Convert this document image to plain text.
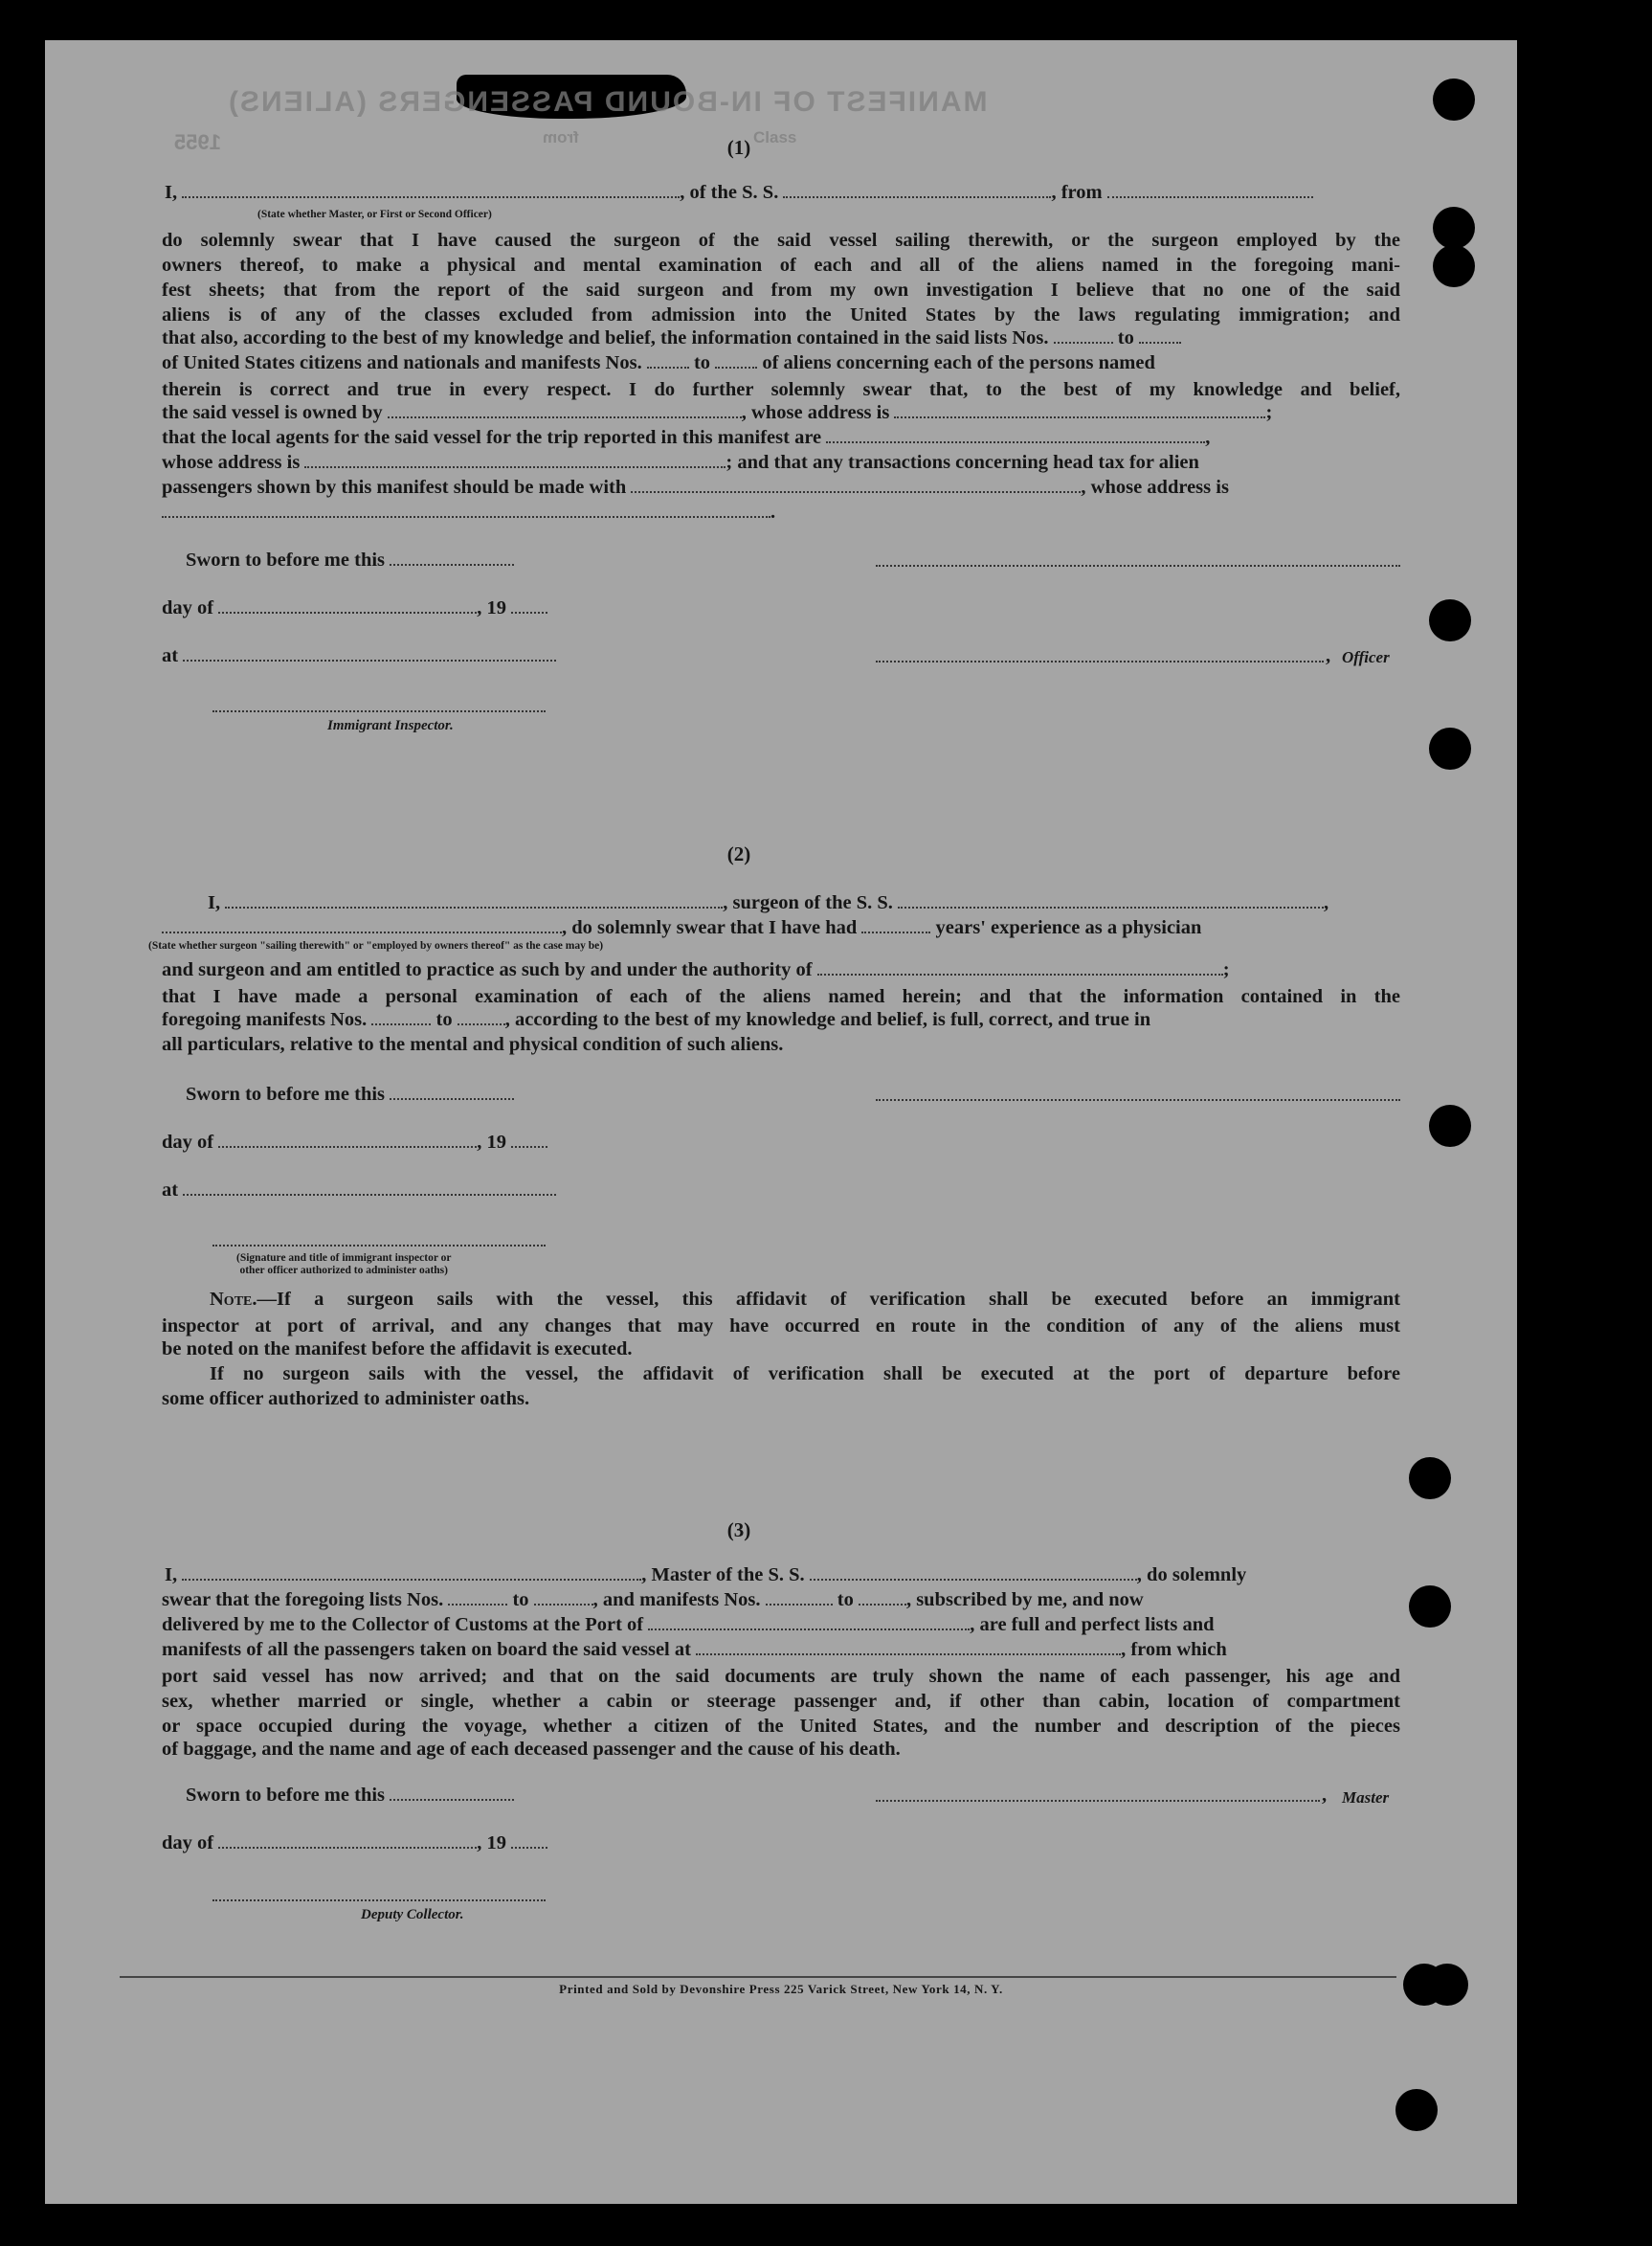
MANIFEST OF IN-BOUND PASSENGERS (ALIENS)
Class
from
1955	(1)
I,	, of the S. S.	, from
(State whether Master, or First or Second Officer)
do solemnly swear that I have caused the surgeon of the said vessel sailing therewith, or the surgeon employed by the
owners thereof, to make a physical and mental examination of each and all of the aliens named in the foregoing mani-
fest sheets; that from the report of the said surgeon and from my own investigation I believe that no one of the said
aliens is of any of the classes excluded from admission into the United States by the laws regulating immigration; and
that also, according to the best of my knowledge and belief, the information contained in the said lists Nos.	to
of United States citizens and nationals and manifests Nos.	to	of aliens concerning each of the persons named
therein is correct and true in every respect. I do further solemnly swear that, to the best of my knowledge and belief,
the said vessel is owned by	, whose address is	;
that the local agents for the said vessel for the trip reported in this manifest are	,
whose address is	; and that any transactions concerning head tax for alien
passengers shown by this manifest should be made with	, whose address is
.
Sworn to before me this
day of	, 19
at	, Officer
Immigrant Inspector.
(2)
I,	, surgeon of the S. S.	,
, do solemnly swear that I have had	years' experience as a physician
(State whether surgeon "sailing therewith" or "employed by owners thereof" as the case may be)
and surgeon and am entitled to practice as such by and under the authority of	;
that I have made a personal examination of each of the aliens named herein; and that the information contained in the
foregoing manifests Nos.	to	, according to the best of my knowledge and belief, is full, correct, and true in
all particulars, relative to the mental and physical condition of such aliens.
Sworn to before me this
day of	, 19
at
(Signature and title of immigrant inspector or
other officer authorized to administer oaths)
Note.—If a surgeon sails with the vessel, this affidavit of verification shall be executed before an immigrant
inspector at port of arrival, and any changes that may have occurred en route in the condition of any of the aliens must
be noted on the manifest before the affidavit is executed.
If no surgeon sails with the vessel, the affidavit of verification shall be executed at the port of departure before
some officer authorized to administer oaths.
(3)
I,	, Master of the S. S.	, do solemnly
swear that the foregoing lists Nos.	to	, and manifests Nos.	to	, subscribed by me, and now
delivered by me to the Collector of Customs at the Port of	, are full and perfect lists and
manifests of all the passengers taken on board the said vessel at	, from which
port said vessel has now arrived; and that on the said documents are truly shown the name of each passenger, his age and
sex, whether married or single, whether a cabin or steerage passenger and, if other than cabin, location of compartment
or space occupied during the voyage, whether a citizen of the United States, and the number and description of the pieces
of baggage, and the name and age of each deceased passenger and the cause of his death.
Sworn to before me this	, Master
day of	, 19
Deputy Collector.
Printed and Sold by Devonshire Press 225 Varick Street, New York 14, N. Y.
